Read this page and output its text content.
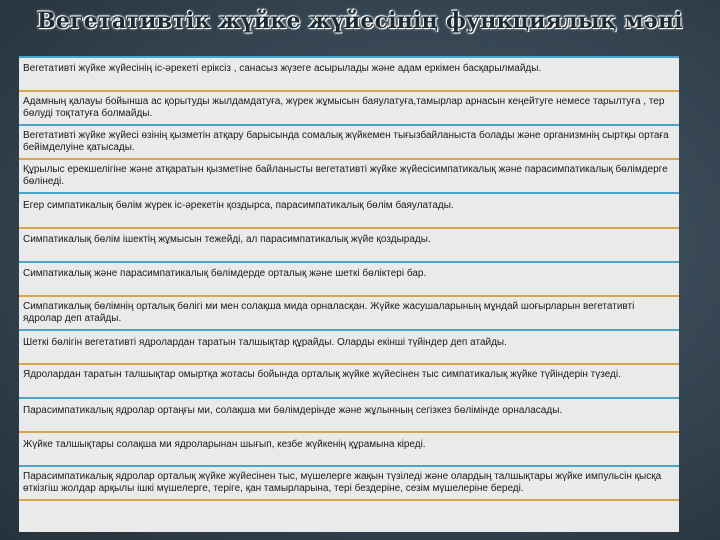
Вегетативтік жүйке жүйесінің функциялық мәні
Вегетативті жүйке жүйесінің іс-әрекеті еріксіз , санасыз жүзеге асырылады және адам еркімен басқарылмайды.
Адамның қалауы бойынша ас қорытуды жылдамдатуға, жүрек жұмысын баяулатуға,тамырлар арнасын кеңейтуге немесе тарылтуға , тер бөлуді тоқтатуға болмайды.
Вегетативті жүйке жүйесі өзінің қызметін атқару барысында сомалық жүйкемен тығызбайланыста болады және организмнің сыртқы ортаға бейімделуіне қатысады.
Құрылыс ерекшелігіне және атқаратын қызметіне байланысты вегетативті жүйке жүйесісимпатикалық және парасимпатикалық бөлімдерге бөлінеді.
Егер симпатикалық бөлім жүрек іс-әрекетін қоздырса, парасимпатикалық бөлім баяулатады.
Симпатикалық бөлім ішектің жұмысын тежейді, ал парасимпатикалық жүйе қоздырады.
Симпатикалық және парасимпатикалық бөлімдерде орталық және шеткі бөліктері бар.
Симпатикалық бөлімнің орталық бөлігі ми мен солақша мида орналасқан. Жүйке жасушаларының мұндай шоғырларын вегетативті ядролар деп атайды.
Шеткі бөлігін вегетативті ядролардан таратын талшықтар құрайды. Оларды екінші түйіндер деп атайды.
Ядролардан таратын талшықтар омыртқа жотасы бойында орталық жүйке жүйесінен тыс симпатикалық жүйке түйіндерін түзеді.
Парасимпатикалық ядролар ортаңғы ми, солақша ми бөлімдерінде және жұлынның сегізкез бөлімінде орналасады.
Жүйке талшықтары солақша ми ядроларынан шығып, кезбе жүйкенің құрамына кіреді.
Парасимпатикалық ядролар орталық жүйке жүйесінен тыс, мүшелерге жақын түзіледі және олардың талшықтары жүйке импульсін қысқа өткізгіш жолдар арқылы ішкі мүшелерге, теріге, қан тамырларына, тері бездеріне, сезім мүшелеріне береді.
